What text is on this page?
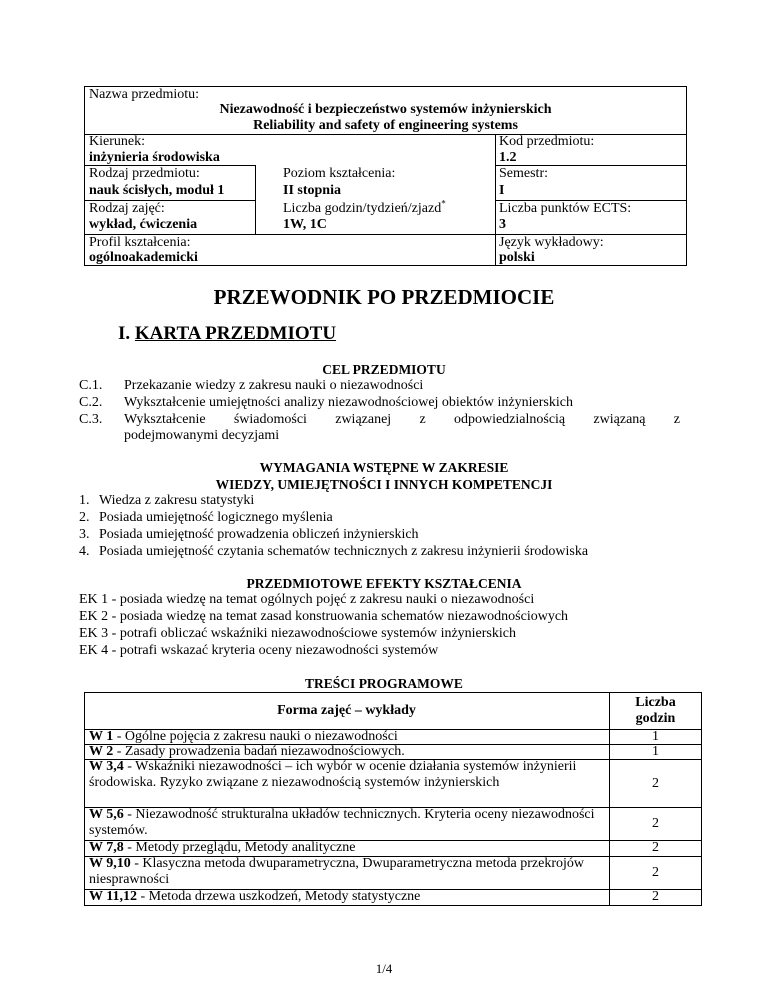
Nazwa przedmiotu:
Niezawodność i bezpieczeństwo systemów inżynierskich
Reliability and safety of engineering systems
Kierunek:
inżynieria środowiska
Kod przedmiotu:
1.2
Rodzaj przedmiotu:
nauk ścisłych, moduł 1
Poziom kształcenia:
II stopnia
Semestr:
I
Rodzaj zajęć:
wykład, ćwiczenia
Liczba godzin/tydzień/zjazd*
1W, 1C
Liczba punktów ECTS:
3
Profil kształcenia:
ogólnoakademicki
Język wykładowy:
polski
PRZEWODNIK PO PRZEDMIOCIE
I. KARTA PRZEDMIOTU
CEL PRZEDMIOTU
C.1. Przekazanie wiedzy z zakresu nauki o niezawodności
C.2. Wykształcenie umiejętności analizy niezawodnościowej obiektów inżynierskich
C.3.	Wykształcenie świadomości związanej z odpowiedzialnością związaną z
podejmowanymi decyzjami
WYMAGANIA WSTĘPNE W ZAKRESIE
WIEDZY, UMIEJĘTNOŚCI I INNYCH KOMPETENCJI
1. Wiedza z zakresu statystyki
2. Posiada umiejętność logicznego myślenia
3. Posiada umiejętność prowadzenia obliczeń inżynierskich
4. Posiada umiejętność czytania schematów technicznych z zakresu inżynierii środowiska
PRZEDMIOTOWE EFEKTY KSZTAŁCENIA
EK 1 - posiada wiedzę na temat ogólnych pojęć z zakresu nauki o niezawodności
EK 2 - posiada wiedzę na temat zasad konstruowania schematów niezawodnościowych
EK 3 - potrafi obliczać wskaźniki niezawodnościowe systemów inżynierskich
EK 4 - potrafi wskazać kryteria oceny niezawodności systemów
TREŚCI PROGRAMOWE
Forma zajęć – wykłady
Liczba
godzin
W 1 - Ogólne pojęcia z zakresu nauki o niezawodności	1
W 2 - Zasady prowadzenia badań niezawodnościowych.	1
W 3,4 - Wskaźniki niezawodności – ich wybór w ocenie działania systemów inżynierii środowiska. Ryzyko związane z niezawodnością systemów inżynierskich	2
W 5,6 - Niezawodność strukturalna układów technicznych. Kryteria oceny niezawodności systemów.	2
W 7,8 - Metody przeglądu, Metody analityczne	2
W 9,10 - Klasyczna metoda dwuparametryczna, Dwuparametryczna metoda przekrojów niesprawności	2
W 11,12 - Metoda drzewa uszkodzeń, Metody statystyczne	2
1/4
